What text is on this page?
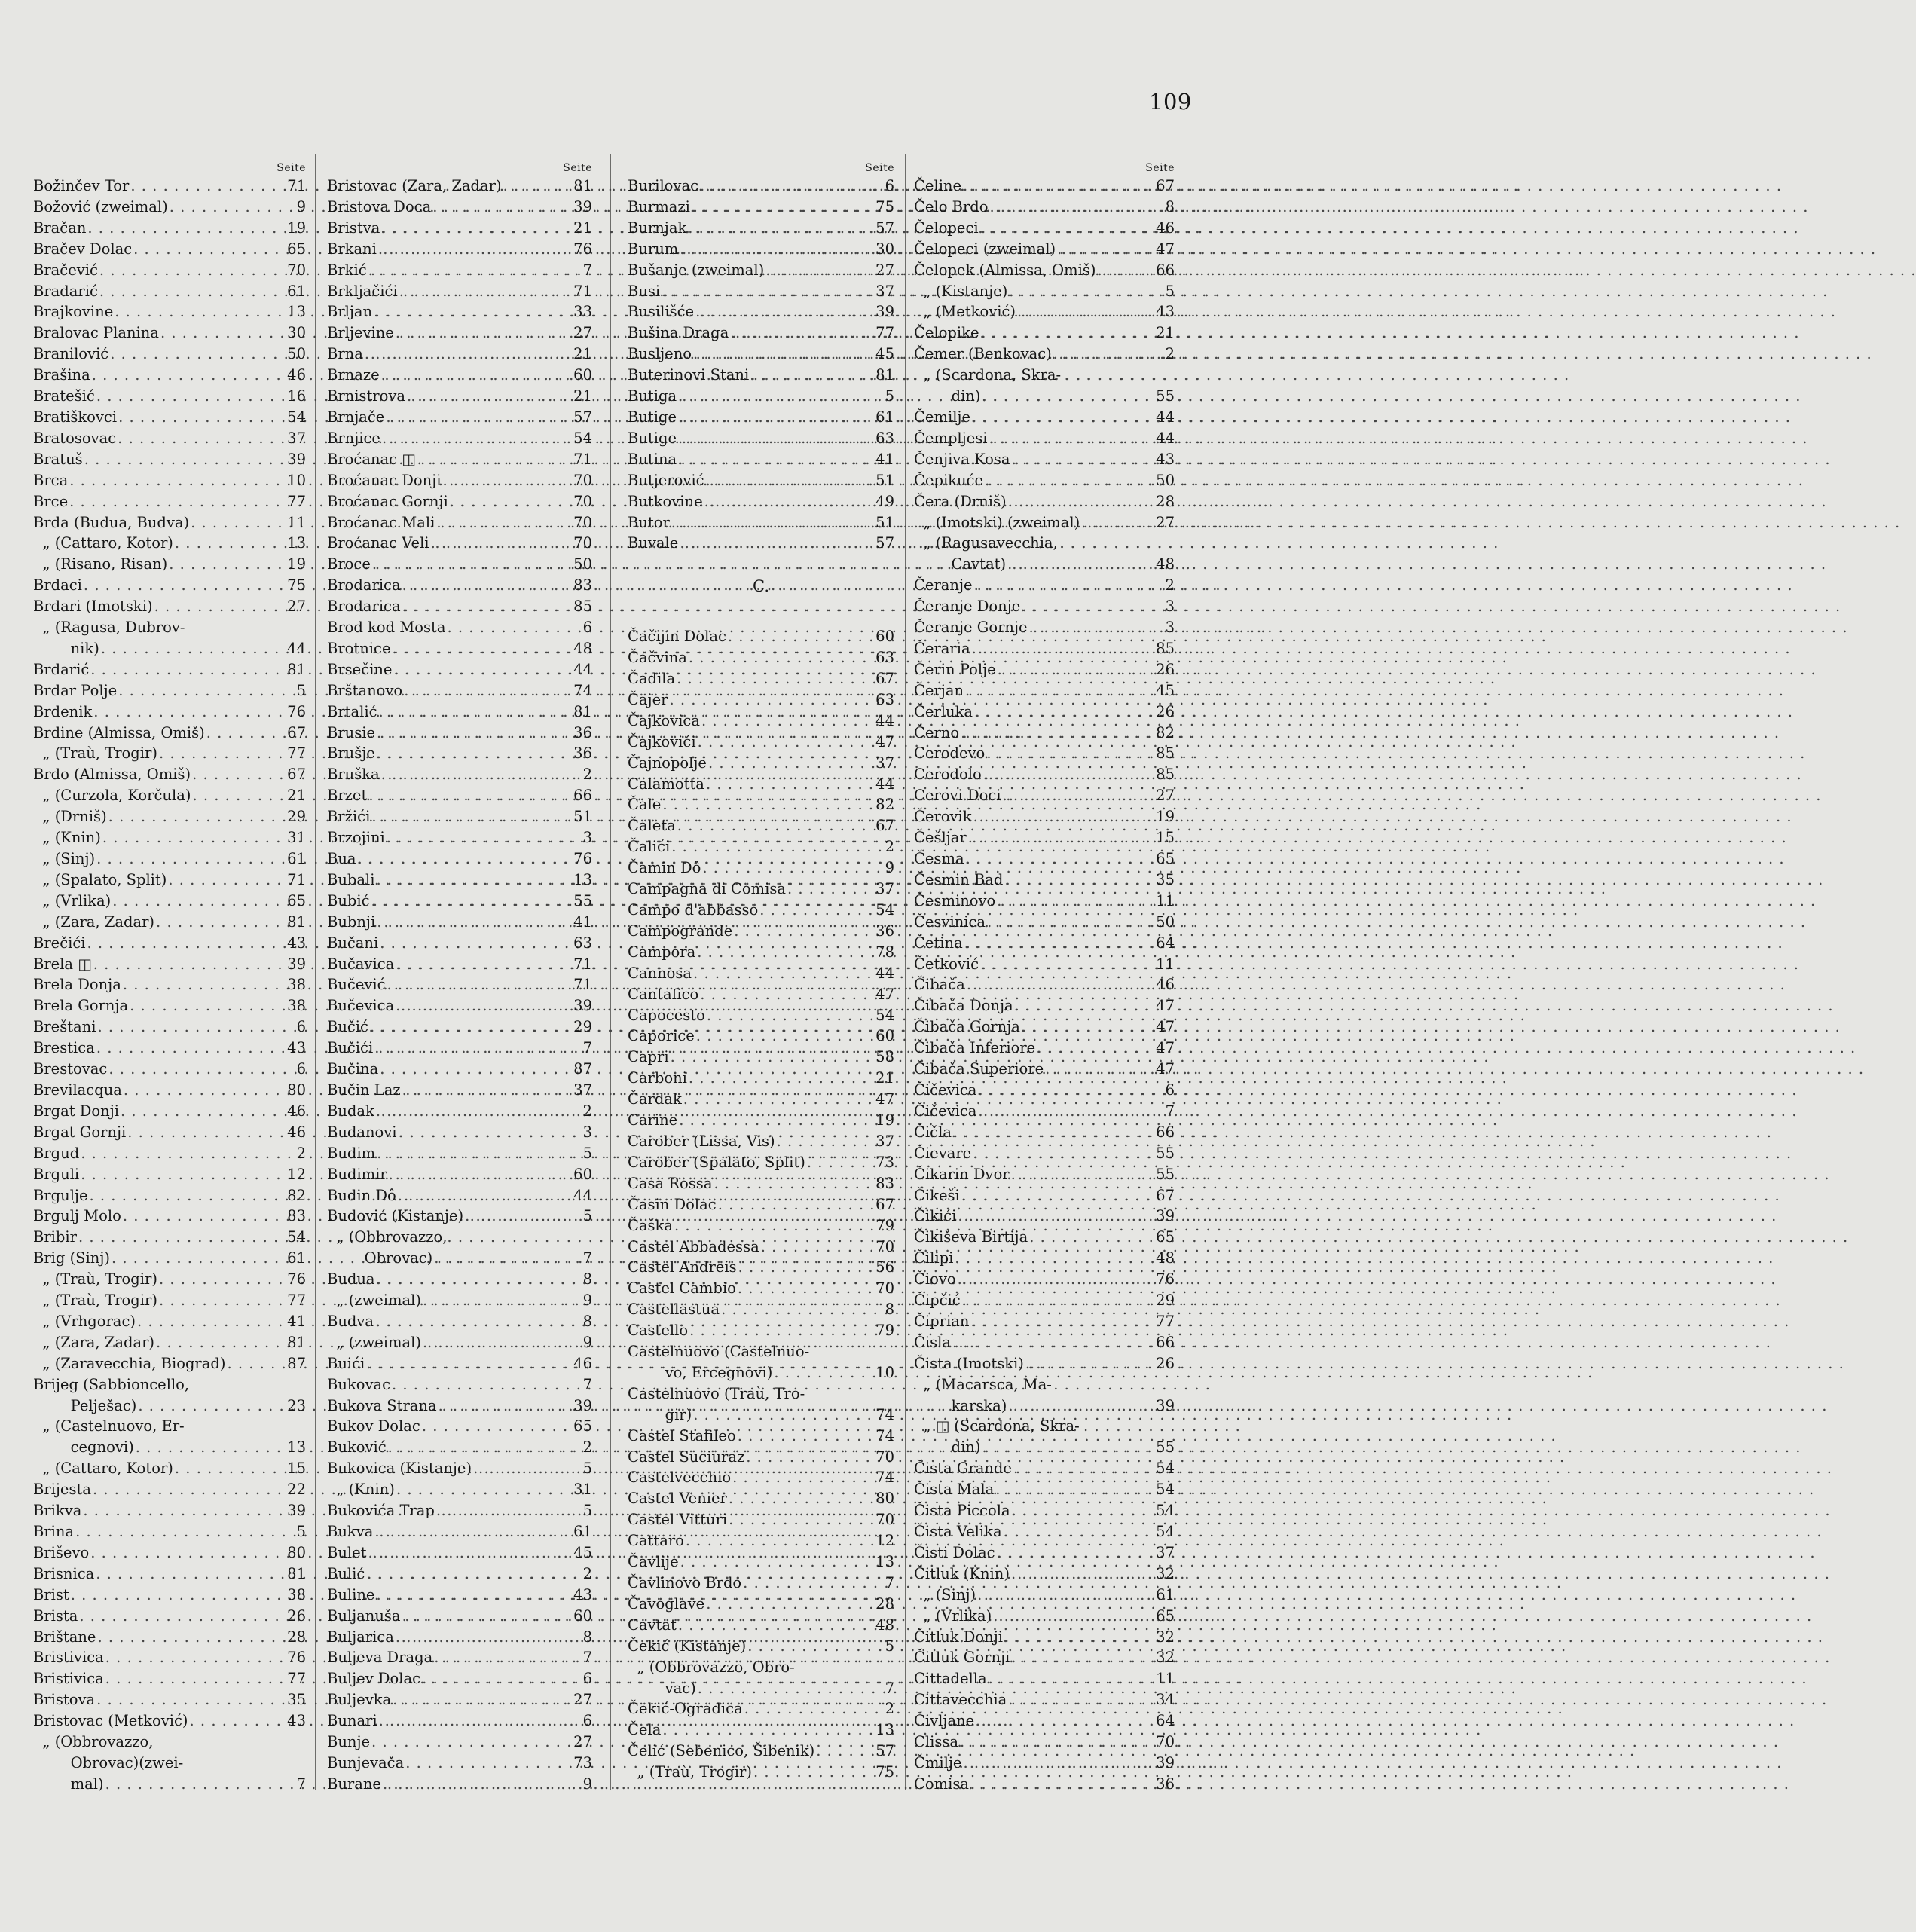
109
Seite
Božinčev Tor . . .	71
Božović (zweimal) . . .	9
Bračan . . .	19
Bračev Dolac . . .	65
Bračević . . .	70
Bradarić . . .	61
Brajkovine . . .	13
Bralovac Planina . . .	30
Branilović . . .	50
Brašina . . .	46
Bratešić . . .	16
Bratiškovci . . .	54
Bratosovac . . .	37
Bratuš . . .	39
Brca . . .	10
Brce . . .	77
Brda (Budua, Budva) . . .	11
„ (Cattaro, Kotor) . . .	13
„ (Risano, Risan) . . .	19
Brdaci . . .	75
Brdari (Imotski) . . .	27
„ (Ragusa, Dubrov-
nik) . . .	44
Brdarić . . .	81
Brdar Polje . . .	5
Brdenik . . .	76
Brdine (Almissa, Omiš) . . .	67
„ (Traù, Trogir) . . .	77
Brdo (Almissa, Omiš) . . .	67
„ (Curzola, Korčula) . . .	21
„ (Drniš) . . .	29
„ (Knin) . . .	31
„ (Sinj) . . .	61
„ (Spalato, Split) . . .	71
„ (Vrlika) . . .	65
„ (Zara, Zadar) . . .	81
Brečići . . .	43
Brela ◫ . . .	39
Brela Donja . . .	38
Brela Gornja . . .	38
Breštani . . .	6
Brestica . . .	43
Brestovac . . .	6
Brevilacqua . . .	80
Brgat Donji . . .	46
Brgat Gornji . . .	46
Brgud . . .	2
Brguli . . .	12
Brgulje . . .	82
Brgulj Molo . . .	83
Bribir . . .	54
Brig (Sinj) . . .	61
„ (Traù, Trogir) . . .	76
„ (Traù, Trogir) . . .	77
„ (Vrhgorac) . . .	41
„ (Zara, Zadar) . . .	81
„ (Zaravecchia, Biograd) . . .	87
Brijeg (Sabbioncello,
Pelješac) . . .	23
„ (Castelnuovo, Er-
cegnovi) . . .	13
„ (Cattaro, Kotor) . . .	15
Brijesta . . .	22
Brikva . . .	39
Brina . . .	5
Briševo . . .	80
Brisnica . . .	81
Brist . . .	38
Brista . . .	26
Brištane . . .	28
Bristivica . . .	76
Bristivica . . .	77
Bristova . . .	35
Bristovac (Metković) . . .	43
„ (Obbrovazzo,
Obrovac)(zwei-
mal) . . .	7
Seite
Bristovac (Zara, Zadar) . . .	81
Bristova Doca . . .	39
Bristva . . .	21
Brkani . . .	76
Brkić . . .	7
Brkljačići . . .	71
Brljan . . .	33
Brljevine . . .	27
Brna . . .	21
Brnaze . . .	60
Brnistrova . . .	21
Brnjače . . .	57
Brnjice . . .	54
Broćanac ◫ . . .	71
Broćanac Donji . . .	70
Broćanac Gornji . . .	70
Broćanac Mali . . .	70
Broćanac Veli . . .	70
Broce . . .	50
Brodarica . . .	83
Brodarica . . .	85
Brod kod Mosta . . .	6
Brotnice . . .	48
Brsečine . . .	44
Brštanovo . . .	74
Brtalić . . .	81
Brusie . . .	36
Brušje . . .	36
Bruška . . .	2
Brzet . . .	66
Bržići . . .	51
Brzojini . . .	3
Bua . . .	76
Bubali . . .	13
Bubić . . .	55
Bubnji . . .	41
Bučani . . .	63
Bučavica . . .	71
Bučević . . .	71
Bučevica . . .	39
Bučić . . .	29
Bučići . . .	7
Bučina . . .	87
Bučin Laz . . .	37
Budak . . .	2
Budanovi . . .	3
Budim . . .	5
Budimir . . .	60
Budin Dô . . .	44
Budović (Kistanje) . . .	5
„ (Obbrovazzo,
Obrovac) . . .	7
Budua . . .	8
„ (zweimal) . . .	9
Budva . . .	8
„ (zweimal) . . .	9
Buići . . .	46
Bukovac . . .	7
Bukova Strana . . .	39
Bukov Dolac . . .	65
Buković . . .	2
Bukovica (Kistanje) . . .	5
„ (Knin) . . .	31
Bukovića Trap . . .	5
Bukva . . .	61
Bulet . . .	45
Bulić . . .	2
Buline . . .	43
Buljanuša . . .	60
Buljarica . . .	8
Buljeva Draga . . .	7
Buljev Dolac . . .	6
Buljevka . . .	27
Bunari . . .	6
Bunje . . .	27
Bunjevača . . .	73
Burane . . .	9
Seite
Burilovac . . .	6
Burmazi . . .	75
Burnjak . . .	57
Burum . . .	30
Bušanje (zweimal) . . .	27
Busi . . .	37
Busilišće . . .	39
Bušina Draga . . .	77
Busljeno . . .	45
Buterinovi Stani . . .	81
Butiga . . .	5
Butige . . .	61
Butige . . .	63
Butina . . .	41
Butjerović . . .	51
Butkovine . . .	49
Butor . . .	51
Buvale . . .	57
C.
Čačijin Dolac . . .	60
Čačvina . . .	63
Čadila . . .	67
Čajer . . .	63
Čajkovica . . .	44
Čajkovići . . .	47
Čajnopolje . . .	37
Calamotta . . .	44
Čale . . .	82
Čaleta . . .	67
Čalići . . .	2
Čamin Dô . . .	9
Campagna di Comisa . . .	37
Campo d'abbasso . . .	54
Campogrande . . .	36
Campora . . .	78
Cannosa . . .	44
Cantafico . . .	47
Capocesto . . .	54
Caporice . . .	60
Capri . . .	58
Carboni . . .	21
Čardak . . .	47
Carine . . .	19
Carober (Lissa, Vis) . . .	37
Carober (Spalato, Split) . . .	73
Casa Rossa . . .	83
Časin Dolac . . .	67
Čaška . . .	79
Castel Abbadessa . . .	70
Castel Andreis . . .	56
Castel Cambio . . .	70
Castellastua . . .	8
Castello . . .	79
Castelnuovo (Castelnuo-
vo, Ercegnovi) . . .	10
Castelnuovo (Traù, Tro-
gir) . . .	74
Castel Stafileo . . .	74
Castel Suciuraz . . .	70
Castelvecchio . . .	74
Castel Venier . . .	80
Castel Vitturi . . .	70
Cattaro . . .	12
Čavlije . . .	13
Čavlinovo Brdo . . .	7
Čavoglave . . .	28
Cavtat . . .	48
Čekić (Kistanje) . . .	5
„ (Obbrovazzo, Obro-
vac) . . .	7
Čekić-Ogradica . . .	2
Čela . . .	13
Čelić (Sebenico, Šibenik) . . .	57
„ (Traù, Trogir) . . .	75
Seite
Čeline . . .	67
Čelo Brdo . . .	8
Čelopeci . . .	46
Čelopeci (zweimal) . . .	47
Čelopek (Almissa, Omiš) . . .	66
„ (Kistanje) . . .	5
„ (Metković) . . .	43
Čelopike . . .	21
Čemer (Benkovac) . . .	2
„ (Scardona, Skra-
din) . . .	55
Čemilje . . .	44
Čempljesi . . .	44
Čenjiva Kosa . . .	43
Čepikuće . . .	50
Čera (Drniš) . . .	28
„ (Imotski) (zweimal) . . .	27
„ (Ragusavecchia,
Cavtat) . . .	48
Čeranje . . .	2
Čeranje Donje . . .	3
Čeranje Gornje . . .	3
Čeraria . . .	85
Čerin Polje . . .	26
Čerjan . . .	45
Čerluka . . .	26
Černo . . .	82
Cerodevo . . .	85
Cerodolo . . .	85
Cerovi Doci . . .	27
Čerovik . . .	19
Češljar . . .	15
Česma . . .	65
Česmin Bad . . .	35
Česminovo . . .	11
Česvinica . . .	50
Četina . . .	64
Četković . . .	11
Čibača . . .	46
Čibača Donja . . .	47
Čibača Gornja . . .	47
Čibača Inferiore . . .	47
Čibača Superiore . . .	47
Čičevica . . .	6
Čičevica . . .	7
Čičla . . .	66
Čievare . . .	55
Čikarin Dvor . . .	55
Čikeši . . .	67
Čikići . . .	39
Čikiševa Birtija . . .	65
Čilipi . . .	48
Čiovo . . .	76
Čipčić . . .	29
Čiprian . . .	77
Čisla . . .	66
Čista (Imotski) . . .	26
„ (Macarsca, Ma-
karska) . . .	39
„ ◫ (Scardona, Skra-
din) . . .	55
Čista Grande . . .	54
Čista Mala . . .	54
Čista Piccola . . .	54
Čista Velika . . .	54
Čisti Dolac . . .	37
Čitluk (Knin) . . .	32
„ (Sinj) . . .	61
„ (Vrlika) . . .	65
Čitluk Donji . . .	32
Čitluk Gornji . . .	32
Cittadella . . .	11
Cittavecchia . . .	34
Čivljane . . .	64
Clissa . . .	70
Čmilje . . .	39
Comisa . . .	36
